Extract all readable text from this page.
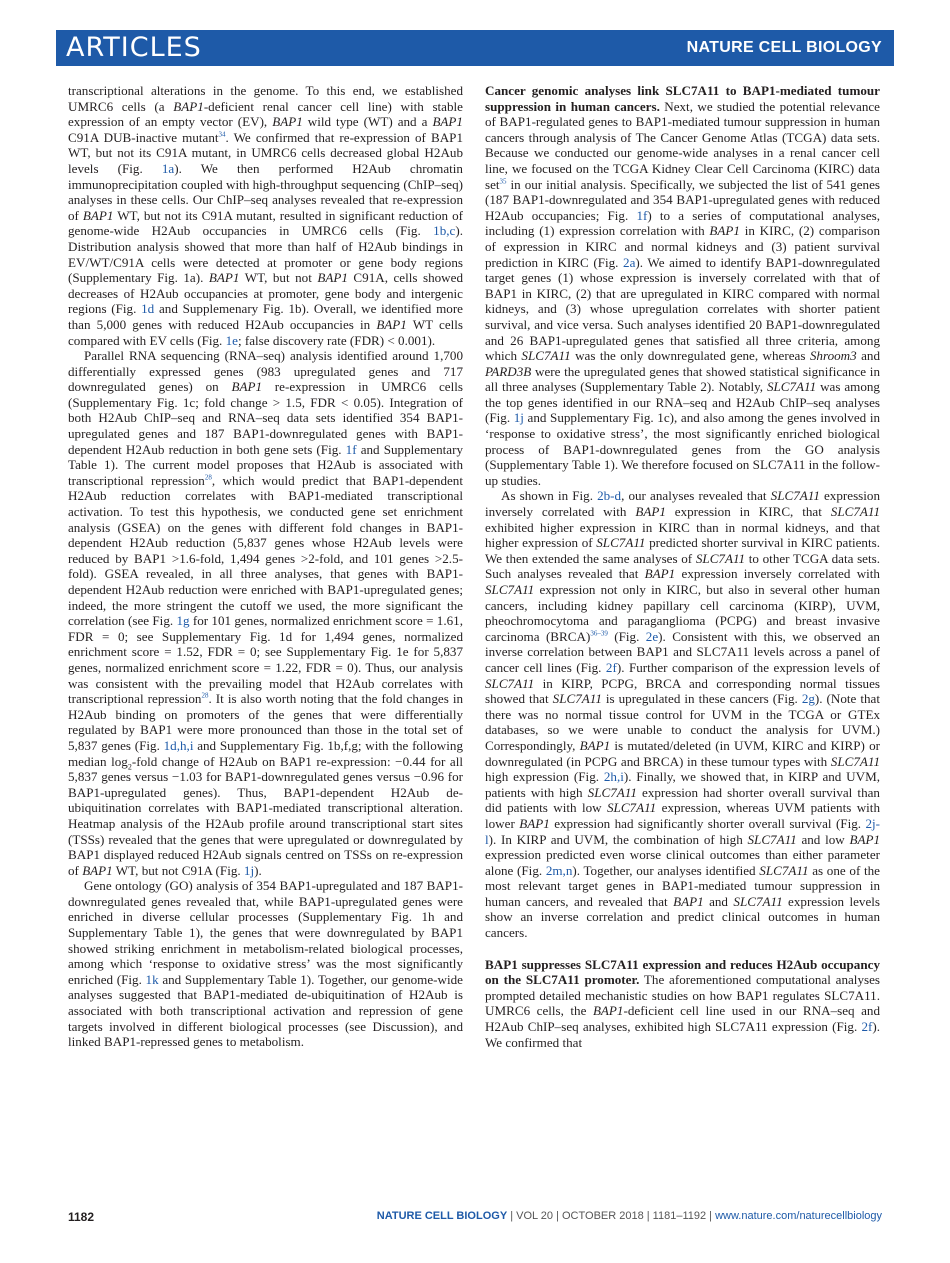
ARTICLES	NATURE CELL BIOLOGY

transcriptional alterations in the genome. To this end, we established UMRC6 cells (a BAP1-deficient renal cancer cell line) with stable expression of an empty vector (EV), BAP1 wild type (WT) and a BAP1 C91A DUB-inactive mutant$^{34}$. We confirmed that re-expression of BAP1 WT, but not its C91A mutant, in UMRC6 cells decreased global H2Aub levels (Fig. 1a). We then performed H2Aub chromatin immunoprecipitation coupled with high-throughput sequencing (ChIP–seq) analyses in these cells. Our ChIP–seq analyses revealed that re-expression of BAP1 WT, but not its C91A mutant, resulted in significant reduction of genome-wide H2Aub occupancies in UMRC6 cells (Fig. 1b,c). Distribution analysis showed that more than half of H2Aub bindings in EV/WT/C91A cells were detected at promoter or gene body regions (Supplementary Fig. 1a). BAP1 WT, but not BAP1 C91A, cells showed decreases of H2Aub occupancies at promoter, gene body and intergenic regions (Fig. 1d and Supplemenary Fig. 1b). Overall, we identified more than 5,000 genes with reduced H2Aub occupancies in BAP1 WT cells compared with EV cells (Fig. 1e; false discovery rate (FDR) < 0.001).

Parallel RNA sequencing (RNA–seq) analysis identified around 1,700 differentially expressed genes (983 upregulated genes and 717 downregulated genes) on BAP1 re-expression in UMRC6 cells (Supplementary Fig. 1c; fold change > 1.5, FDR < 0.05). Integration of both H2Aub ChIP–seq and RNA–seq data sets identified 354 BAP1-upregulated genes and 187 BAP1-downregulated genes with BAP1-dependent H2Aub reduction in both gene sets (Fig. 1f and Supplementary Table 1). The current model proposes that H2Aub is associated with transcriptional repression$^{28}$, which would predict that BAP1-dependent H2Aub reduction correlates with BAP1-mediated transcriptional activation. To test this hypothesis, we conducted gene set enrichment analysis (GSEA) on the genes with different fold changes in BAP1-dependent H2Aub reduction (5,837 genes whose H2Aub levels were reduced by BAP1 >1.6-fold, 1,494 genes >2-fold, and 101 genes >2.5-fold). GSEA revealed, in all three analyses, that genes with BAP1-dependent H2Aub reduction were enriched with BAP1-upregulated genes; indeed, the more stringent the cutoff we used, the more significant the correlation (see Fig. 1g for 101 genes, normalized enrichment score = 1.61, FDR = 0; see Supplementary Fig. 1d for 1,494 genes, normalized enrichment score = 1.52, FDR = 0; see Supplementary Fig. 1e for 5,837 genes, normalized enrichment score = 1.22, FDR = 0). Thus, our analysis was consistent with the prevailing model that H2Aub correlates with transcriptional repression$^{28}$. It is also worth noting that the fold changes in H2Aub binding on promoters of the genes that were differentially regulated by BAP1 were more pronounced than those in the total set of 5,837 genes (Fig. 1d,h,i and Supplementary Fig. 1b,f,g; with the following median $\log_2$-fold change of H2Aub on BAP1 re-expression: −0.44 for all 5,837 genes versus −1.03 for BAP1-downregulated genes versus −0.96 for BAP1-upregulated genes). Thus, BAP1-dependent H2Aub de-ubiquitination correlates with BAP1-mediated transcriptional alteration. Heatmap analysis of the H2Aub profile around transcriptional start sites (TSSs) revealed that the genes that were upregulated or downregulated by BAP1 displayed reduced H2Aub signals centred on TSSs on re-expression of BAP1 WT, but not C91A (Fig. 1j).

Gene ontology (GO) analysis of 354 BAP1-upregulated and 187 BAP1-downregulated genes revealed that, while BAP1-upregulated genes were enriched in diverse cellular processes (Supplementary Fig. 1h and Supplementary Table 1), the genes that were downregulated by BAP1 showed striking enrichment in metabolism-related biological processes, among which ‘response to oxidative stress’ was the most significantly enriched (Fig. 1k and Supplementary Table 1). Together, our genome-wide analyses suggested that BAP1-mediated de-ubiquitination of H2Aub is associated with both transcriptional activation and repression of gene targets involved in different biological processes (see Discussion), and linked BAP1-repressed genes to metabolism.

Cancer genomic analyses link SLC7A11 to BAP1-mediated tumour suppression in human cancers. Next, we studied the potential relevance of BAP1-regulated genes to BAP1-mediated tumour suppression in human cancers through analysis of The Cancer Genome Atlas (TCGA) data sets. Because we conducted our genome-wide analyses in a renal cancer cell line, we focused on the TCGA Kidney Clear Cell Carcinoma (KIRC) data set$^{35}$ in our initial analysis. Specifically, we subjected the list of 541 genes (187 BAP1-downregulated and 354 BAP1-upregulated genes with reduced H2Aub occupancies; Fig. 1f) to a series of computational analyses, including (1) expression correlation with BAP1 in KIRC, (2) comparison of expression in KIRC and normal kidneys and (3) patient survival prediction in KIRC (Fig. 2a). We aimed to identify BAP1-downregulated target genes (1) whose expression is inversely correlated with that of BAP1 in KIRC, (2) that are upregulated in KIRC compared with normal kidneys, and (3) whose upregulation correlates with shorter patient survival, and vice versa. Such analyses identified 20 BAP1-downregulated and 26 BAP1-upregulated genes that satisfied all three criteria, among which SLC7A11 was the only downregulated gene, whereas Shroom3 and PARD3B were the upregulated genes that showed statistical significance in all three analyses (Supplementary Table 2). Notably, SLC7A11 was among the top genes identified in our RNA–seq and H2Aub ChIP–seq analyses (Fig. 1j and Supplementary Fig. 1c), and also among the genes involved in ‘response to oxidative stress’, the most significantly enriched biological process of BAP1-downregulated genes from the GO analysis (Supplementary Table 1). We therefore focused on SLC7A11 in the follow-up studies.

As shown in Fig. 2b-d, our analyses revealed that SLC7A11 expression inversely correlated with BAP1 expression in KIRC, that SLC7A11 exhibited higher expression in KIRC than in normal kidneys, and that higher expression of SLC7A11 predicted shorter survival in KIRC patients. We then extended the same analyses of SLC7A11 to other TCGA data sets. Such analyses revealed that BAP1 expression inversely correlated with SLC7A11 expression not only in KIRC, but also in several other human cancers, including kidney papillary cell carcinoma (KIRP), UVM, pheochromocytoma and paraganglioma (PCPG) and breast invasive carcinoma (BRCA)$^{36-39}$ (Fig. 2e). Consistent with this, we observed an inverse correlation between BAP1 and SLC7A11 levels across a panel of cancer cell lines (Fig. 2f). Further comparison of the expression levels of SLC7A11 in KIRP, PCPG, BRCA and corresponding normal tissues showed that SLC7A11 is upregulated in these cancers (Fig. 2g). (Note that there was no normal tissue control for UVM in the TCGA or GTEx databases, so we were unable to conduct the analysis for UVM.) Correspondingly, BAP1 is mutated/deleted (in UVM, KIRC and KIRP) or downregulated (in PCPG and BRCA) in these tumour types with SLC7A11 high expression (Fig. 2h,i). Finally, we showed that, in KIRP and UVM, patients with high SLC7A11 expression had shorter overall survival than did patients with low SLC7A11 expression, whereas UVM patients with lower BAP1 expression had significantly shorter overall survival (Fig. 2j-l). In KIRP and UVM, the combination of high SLC7A11 and low BAP1 expression predicted even worse clinical outcomes than either parameter alone (Fig. 2m,n). Together, our analyses identified SLC7A11 as one of the most relevant target genes in BAP1-mediated tumour suppression in human cancers, and revealed that BAP1 and SLC7A11 expression levels show an inverse correlation and predict clinical outcomes in human cancers.

BAP1 suppresses SLC7A11 expression and reduces H2Aub occupancy on the SLC7A11 promoter. The aforementioned computational analyses prompted detailed mechanistic studies on how BAP1 regulates SLC7A11. UMRC6 cells, the BAP1-deficient cell line used in our RNA–seq and H2Aub ChIP–seq analyses, exhibited high SLC7A11 expression (Fig. 2f). We confirmed that

1182	NATURE CELL BIOLOGY | VOL 20 | OCTOBER 2018 | 1181–1192 | www.nature.com/naturecellbiology
